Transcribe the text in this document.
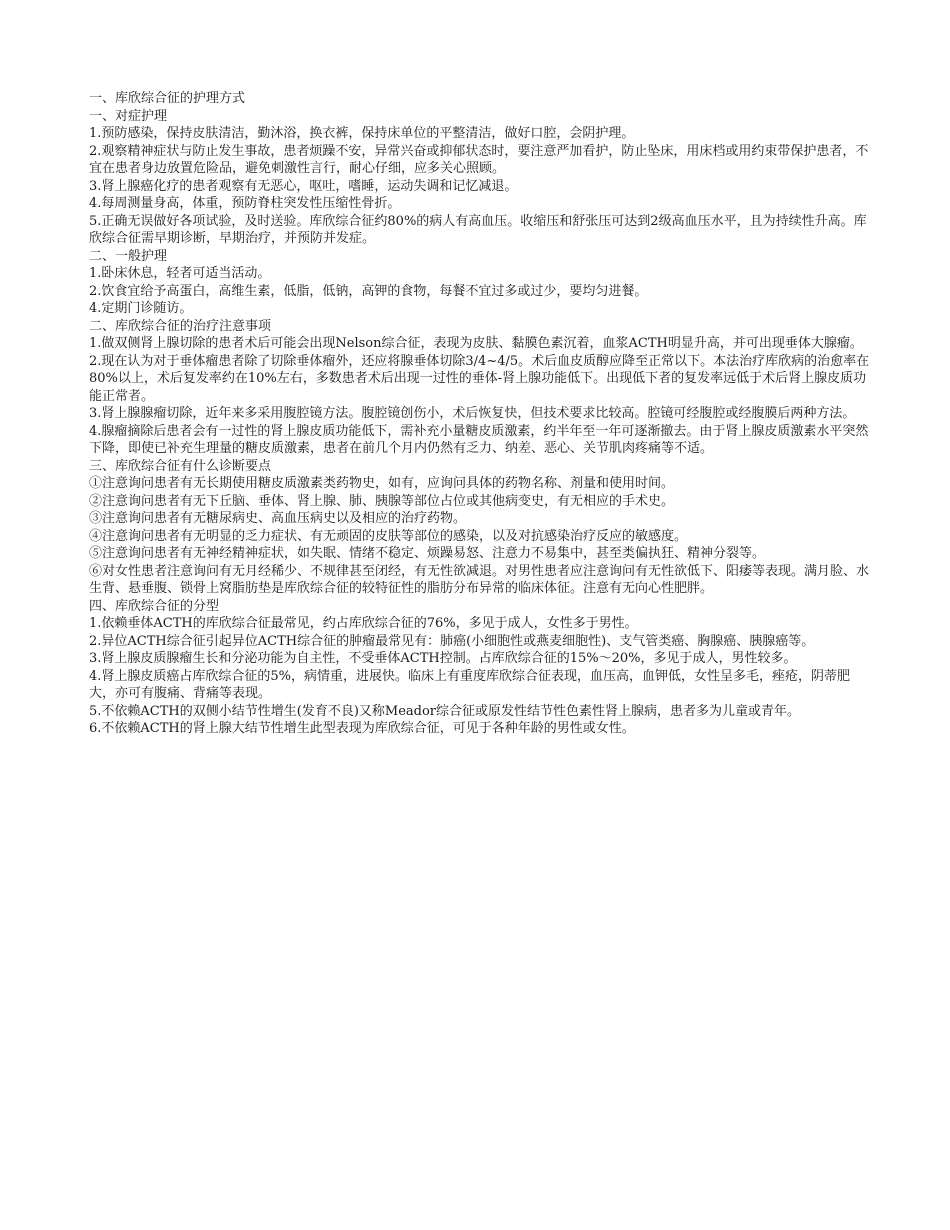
一、库欣综合征的护理方式

一、对症护理

1.预防感染，保持皮肤清洁，勤沐浴，换衣裤，保持床单位的平整清洁，做好口腔，会阴护理。

2.观察精神症状与防止发生事故，患者烦躁不安，异常兴奋或抑郁状态时，要注意严加看护，防止坠床，用床档或用约束带保护患者，不宜在患者身边放置危险品，避免刺激性言行，耐心仔细，应多关心照顾。

3.肾上腺癌化疗的患者观察有无恶心，呕吐，嗜睡，运动失调和记忆减退。

4.每周测量身高，体重，预防脊柱突发性压缩性骨折。

5.正确无误做好各项试验，及时送验。库欣综合征约80%的病人有高血压。收缩压和舒张压可达到2级高血压水平，且为持续性升高。库欣综合征需早期诊断，早期治疗，并预防并发症。

二、一般护理

1.卧床休息，轻者可适当活动。

2.饮食宜给予高蛋白，高维生素，低脂，低钠，高钾的食物，每餐不宜过多或过少，要均匀进餐。

4.定期门诊随访。

二、库欣综合征的治疗注意事项

1.做双侧肾上腺切除的患者术后可能会出现Nelson综合征，表现为皮肤、黏膜色素沉着，血浆ACTH明显升高，并可出现垂体大腺瘤。

2.现在认为对于垂体瘤患者除了切除垂体瘤外，还应将腺垂体切除3/4~4/5。术后血皮质醇应降至正常以下。本法治疗库欣病的治愈率在80%以上，术后复发率约在10%左右，多数患者术后出现一过性的垂体-肾上腺功能低下。出现低下者的复发率远低于术后肾上腺皮质功能正常者。

3.肾上腺腺瘤切除，近年来多采用腹腔镜方法。腹腔镜创伤小，术后恢复快，但技术要求比较高。腔镜可经腹腔或经腹膜后两种方法。

4.腺瘤摘除后患者会有一过性的肾上腺皮质功能低下，需补充小量糖皮质激素，约半年至一年可逐渐撤去。由于肾上腺皮质激素水平突然下降，即使已补充生理量的糖皮质激素，患者在前几个月内仍然有乏力、纳差、恶心、关节肌肉疼痛等不适。

三、库欣综合征有什么诊断要点

①注意询问患者有无长期使用糖皮质激素类药物史，如有，应询问具体的药物名称、剂量和使用时间。

②注意询问患者有无下丘脑、垂体、肾上腺、肺、胰腺等部位占位或其他病变史，有无相应的手术史。

③注意询问患者有无糖尿病史、高血压病史以及相应的治疗药物。

④注意询问患者有无明显的乏力症状、有无顽固的皮肤等部位的感染，以及对抗感染治疗反应的敏感度。

⑤注意询问患者有无神经精神症状，如失眠、情绪不稳定、烦躁易怒、注意力不易集中，甚至类偏执狂、精神分裂等。

⑥对女性患者注意询问有无月经稀少、不规律甚至闭经，有无性欲减退。对男性患者应注意询问有无性欲低下、阳痿等表现。满月脸、水生背、悬垂腹、锁骨上窝脂肪垫是库欣综合征的较特征性的脂肪分布异常的临床体征。注意有无向心性肥胖。

四、库欣综合征的分型

1.依赖垂体ACTH的库欣综合征最常见，约占库欣综合征的76%，多见于成人，女性多于男性。

2.异位ACTH综合征引起异位ACTH综合征的肿瘤最常见有：肺癌(小细胞性或燕麦细胞性)、支气管类癌、胸腺癌、胰腺癌等。

3.肾上腺皮质腺瘤生长和分泌功能为自主性，不受垂体ACTH控制。占库欣综合征的15%～20%，多见于成人，男性较多。

4.肾上腺皮质癌占库欣综合征的5%，病情重，进展快。临床上有重度库欣综合征表现，血压高，血钾低，女性呈多毛，痤疮，阴蒂肥大，亦可有腹痛、背痛等表现。

5.不依赖ACTH的双侧小结节性增生(发育不良)又称Meador综合征或原发性结节性色素性肾上腺病，患者多为儿童或青年。

6.不依赖ACTH的肾上腺大结节性增生此型表现为库欣综合征，可见于各种年龄的男性或女性。
